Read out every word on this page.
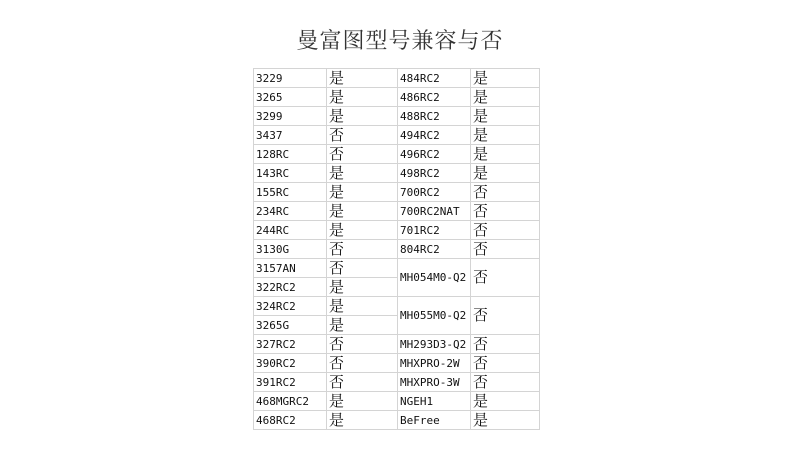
曼富图型号兼容与否
3229	是	484RC2	是
3265	是	486RC2	是
3299	是	488RC2	是
3437	否	494RC2	是
128RC	否	496RC2	是
143RC	是	498RC2	是
155RC	是	700RC2	否
234RC	是	700RC2NAT	否
244RC	是	701RC2	否
3130G	否	804RC2	否
3157AN	否	MH054M0-Q2	否
322RC2	是		
324RC2	是	MH055M0-Q2	否
3265G	是		
327RC2	否	MH293D3-Q2	否
390RC2	否	MHXPRO-2W	否
391RC2	否	MHXPRO-3W	否
468MGRC2	是	NGEH1	是
468RC2	是	BeFree	是
